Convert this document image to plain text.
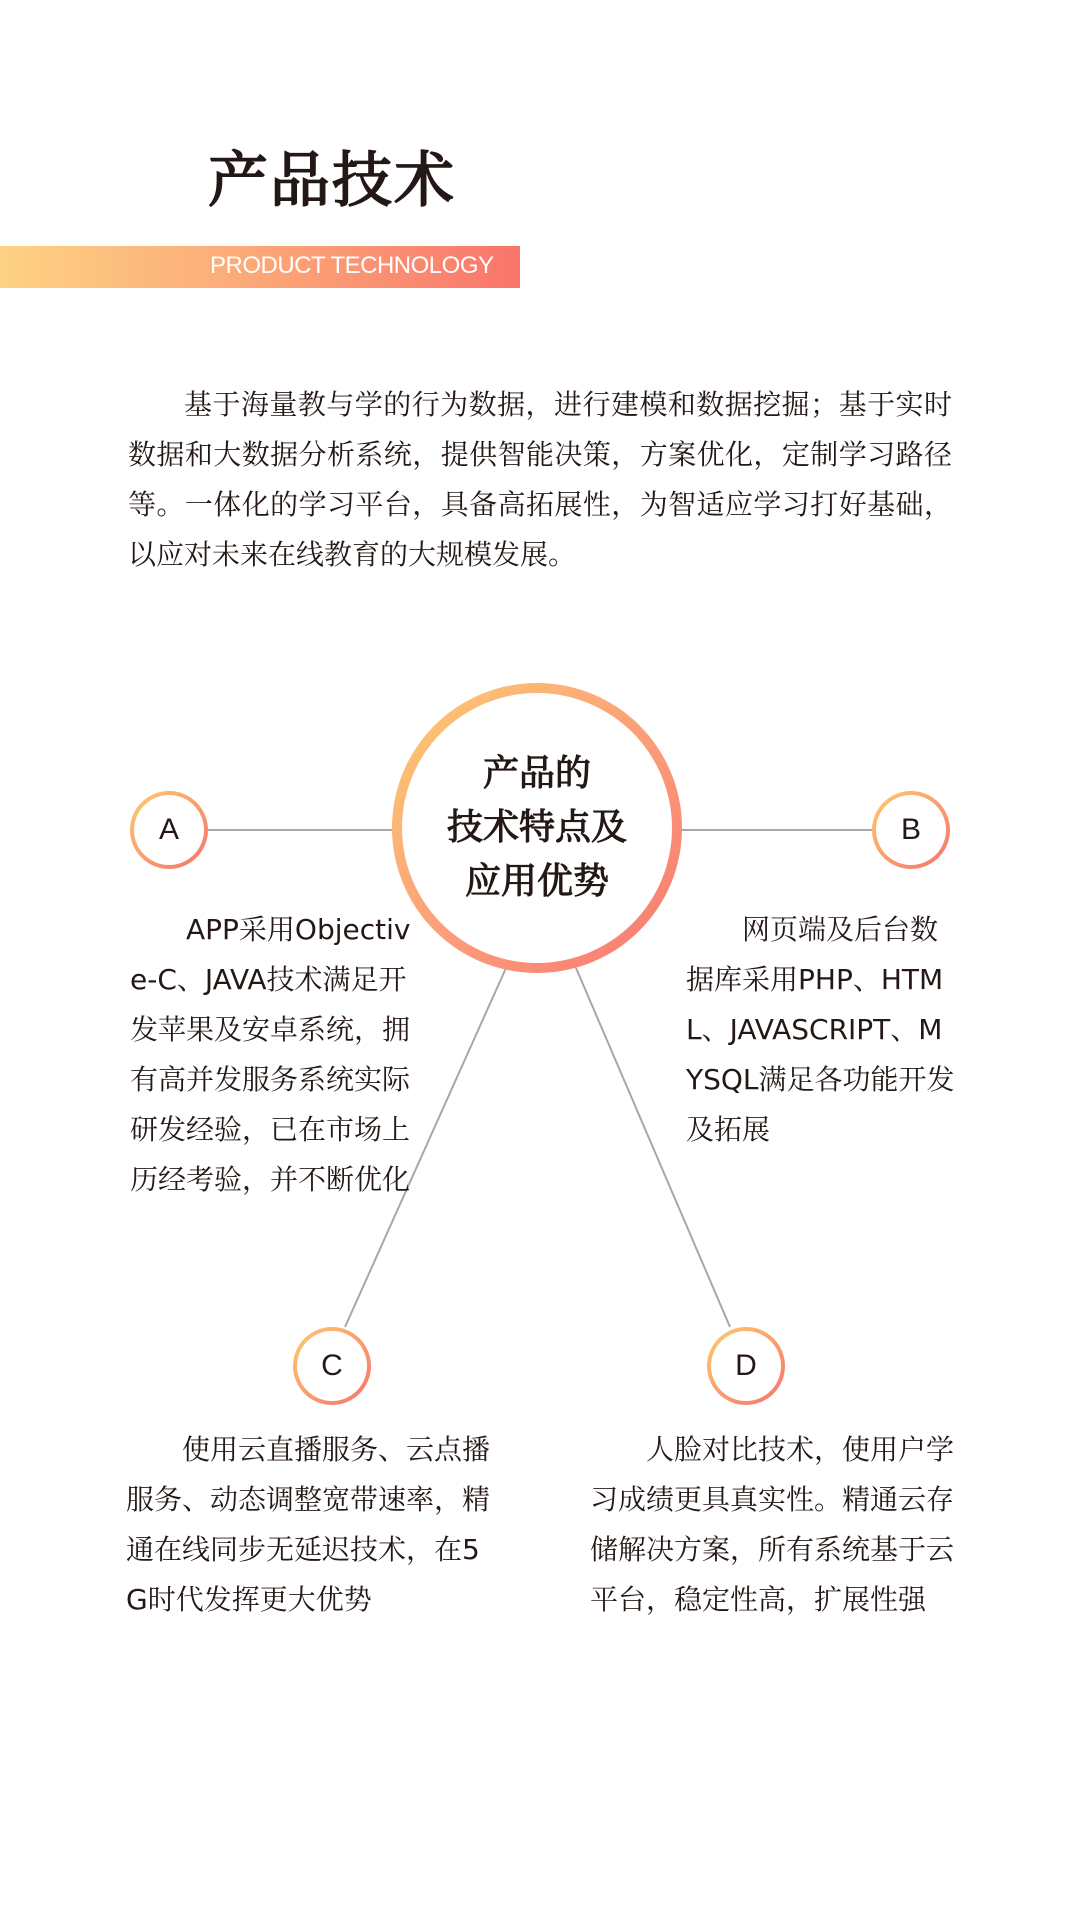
产品技术
PRODUCT TECHNOLOGY

基于海量教与学的行为数据，进行建模和数据挖掘；基于实时数据和大数据分析系统，提供智能决策，方案优化，定制学习路径等。一体化的学习平台，具备高拓展性，为智适应学习打好基础，以应对未来在线教育的大规模发展。

产品的
技术特点及
应用优势
A	B
C	D

APP采用Objective-C、JAVA技术满足开发苹果及安卓系统，拥有高并发服务系统实际研发经验，已在市场上历经考验，并不断优化

网页端及后台数据库采用PHP、HTML、JAVASCRIPT、MYSQL满足各功能开发及拓展

使用云直播服务、云点播服务、动态调整宽带速率，精通在线同步无延迟技术，在5G时代发挥更大优势

人脸对比技术，使用户学习成绩更具真实性。精通云存储解决方案，所有系统基于云平台，稳定性高，扩展性强
